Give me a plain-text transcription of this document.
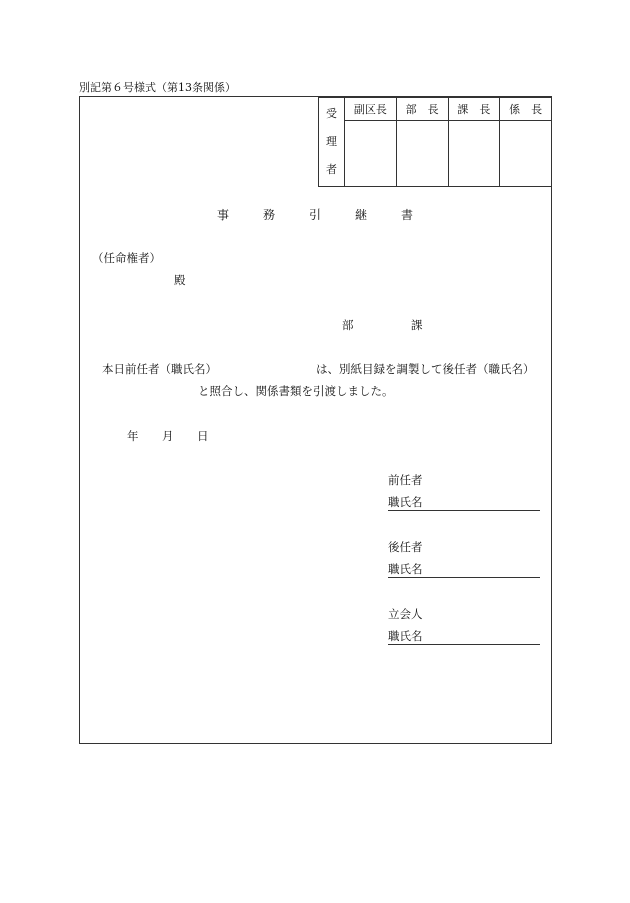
別記第６号様式（第13条関係）
受
理
者	副区長	部　長	課　長	係　長

事	務	引	継	書
（任命権者）
殿
部	課
本日前任者（職氏名）	は、別紙目録を調製して後任者（職氏名）
と照合し、関係書類を引渡しました。
年 月 日
前任者
職氏名
後任者
職氏名
立会人
職氏名
